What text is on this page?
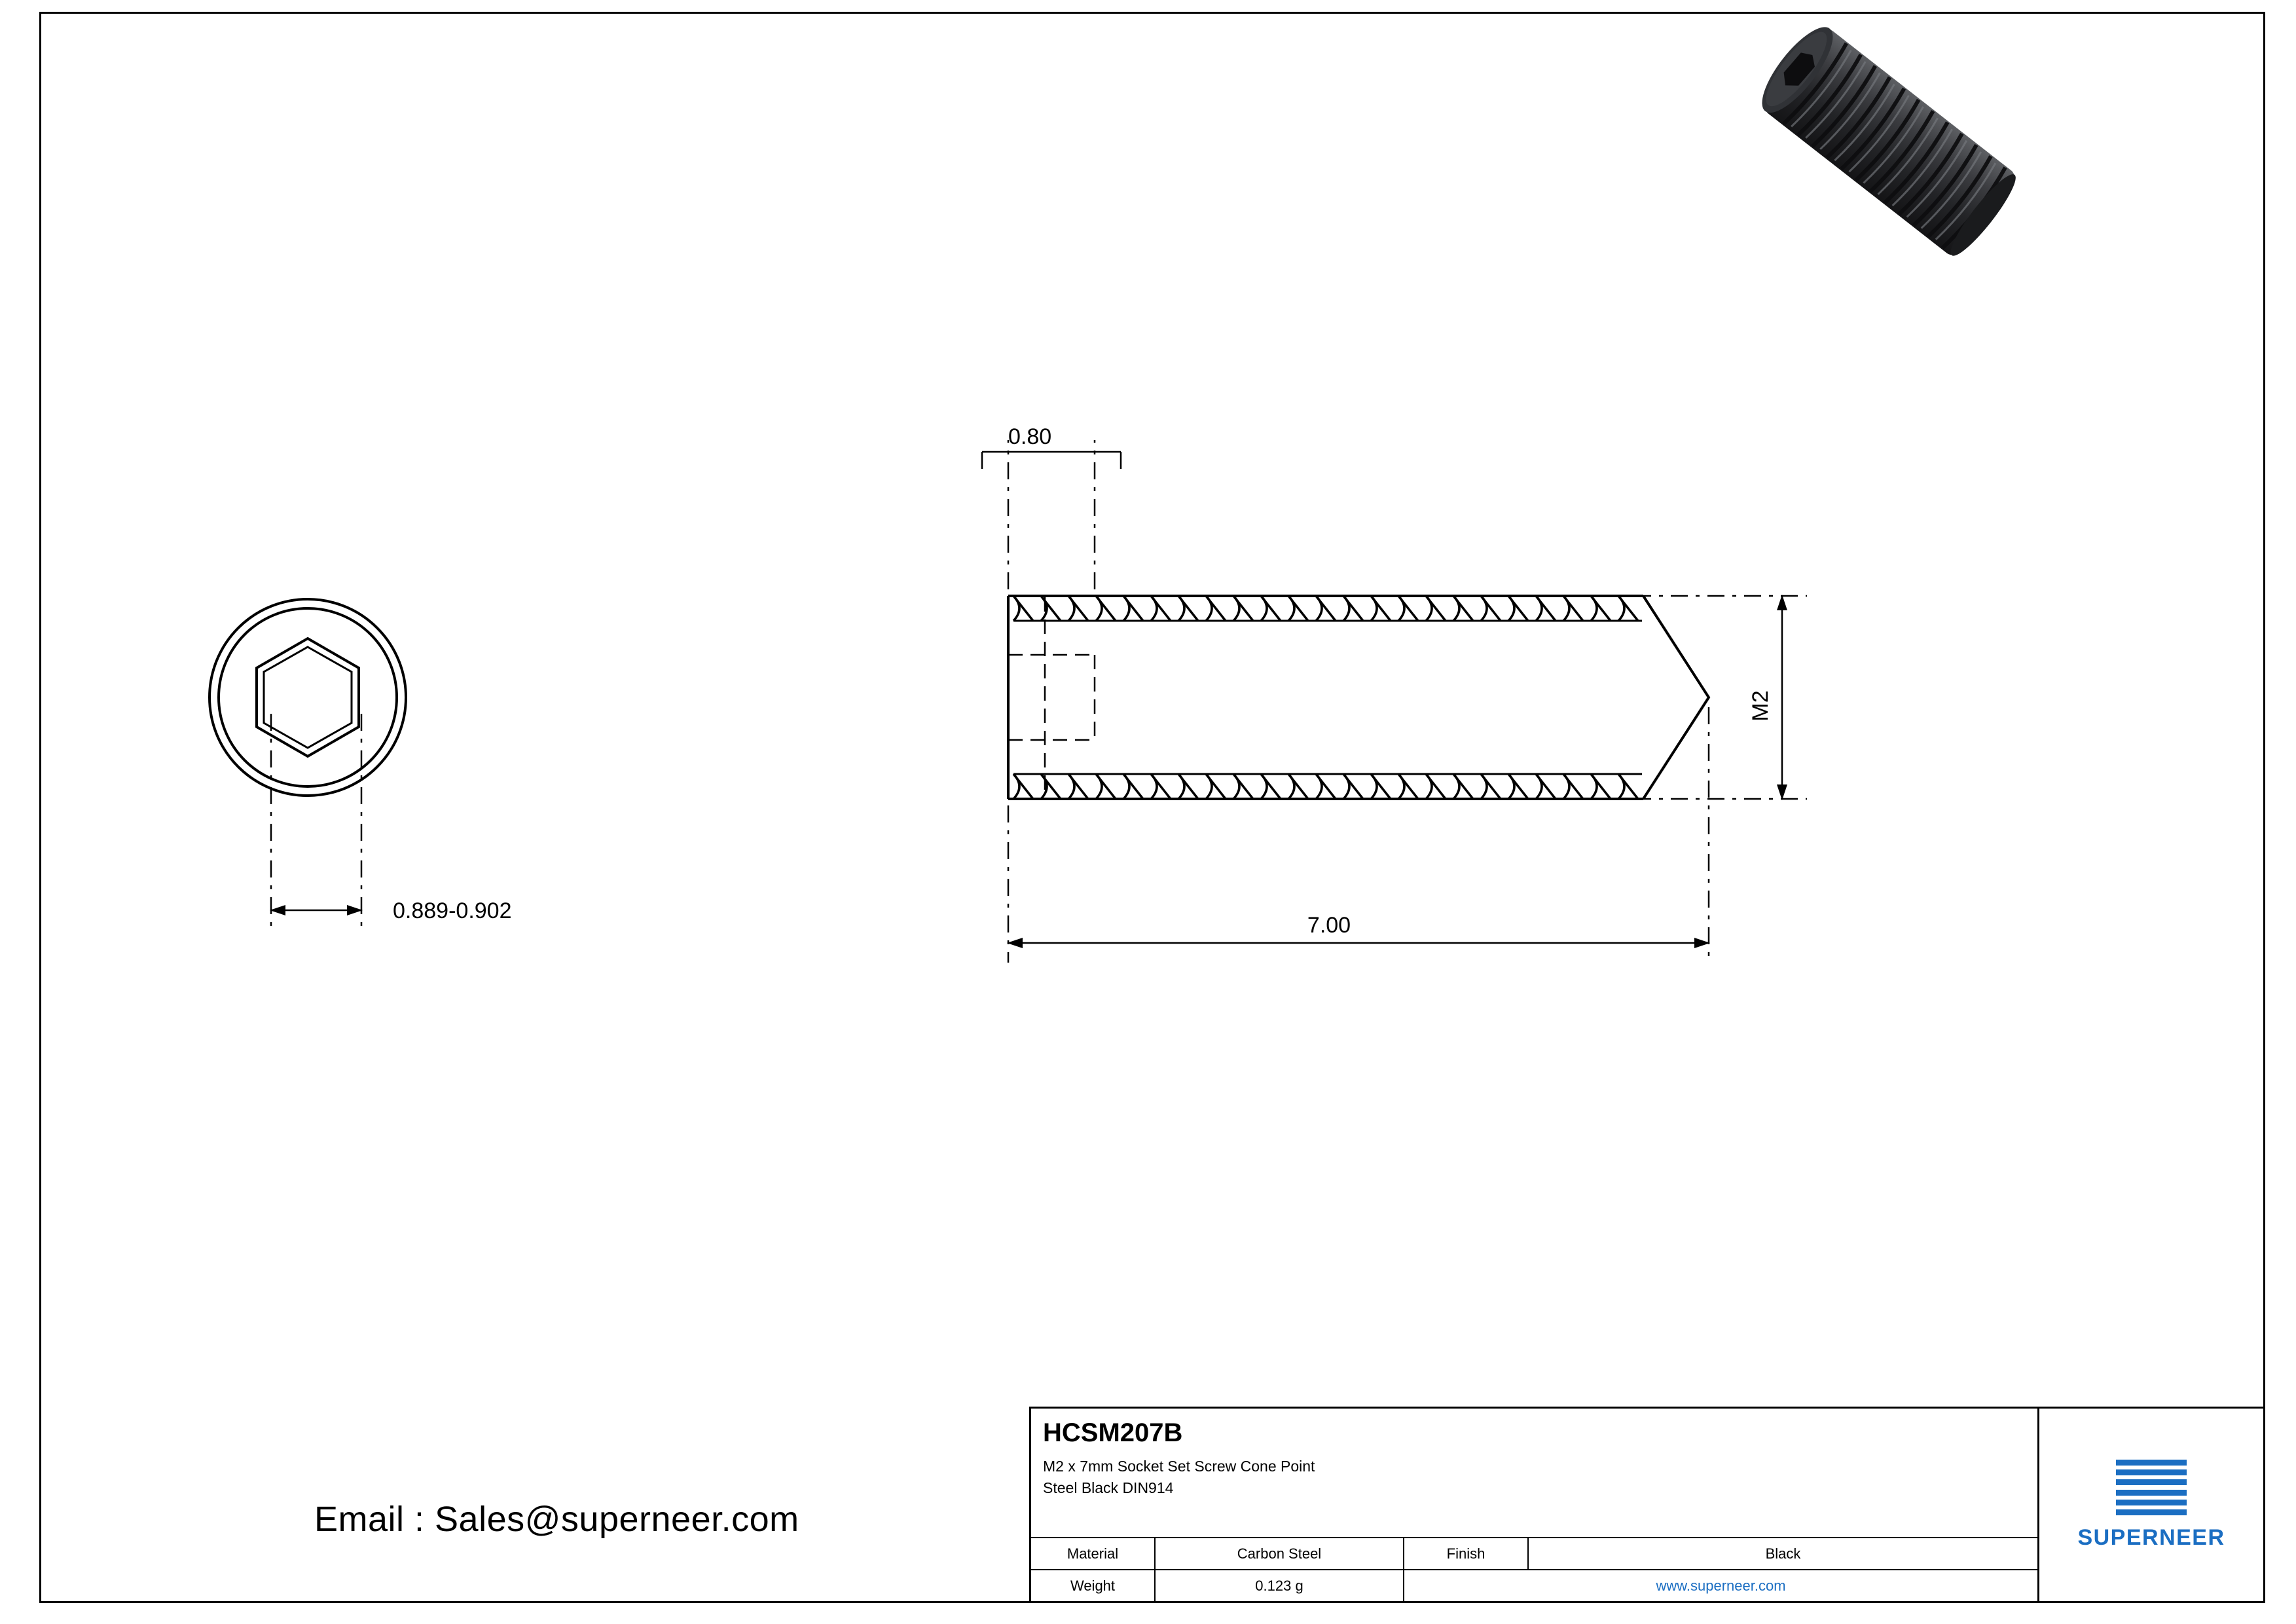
0.889-0.902
0.80
M2
7.00
Email : Sales@superneer.com
HCSM207B
M2 x 7mm Socket Set Screw Cone Point
Steel Black DIN914
Material	Carbon Steel	Finish	Black
Weight	0.123 g	www.superneer.com
SUPERNEER
